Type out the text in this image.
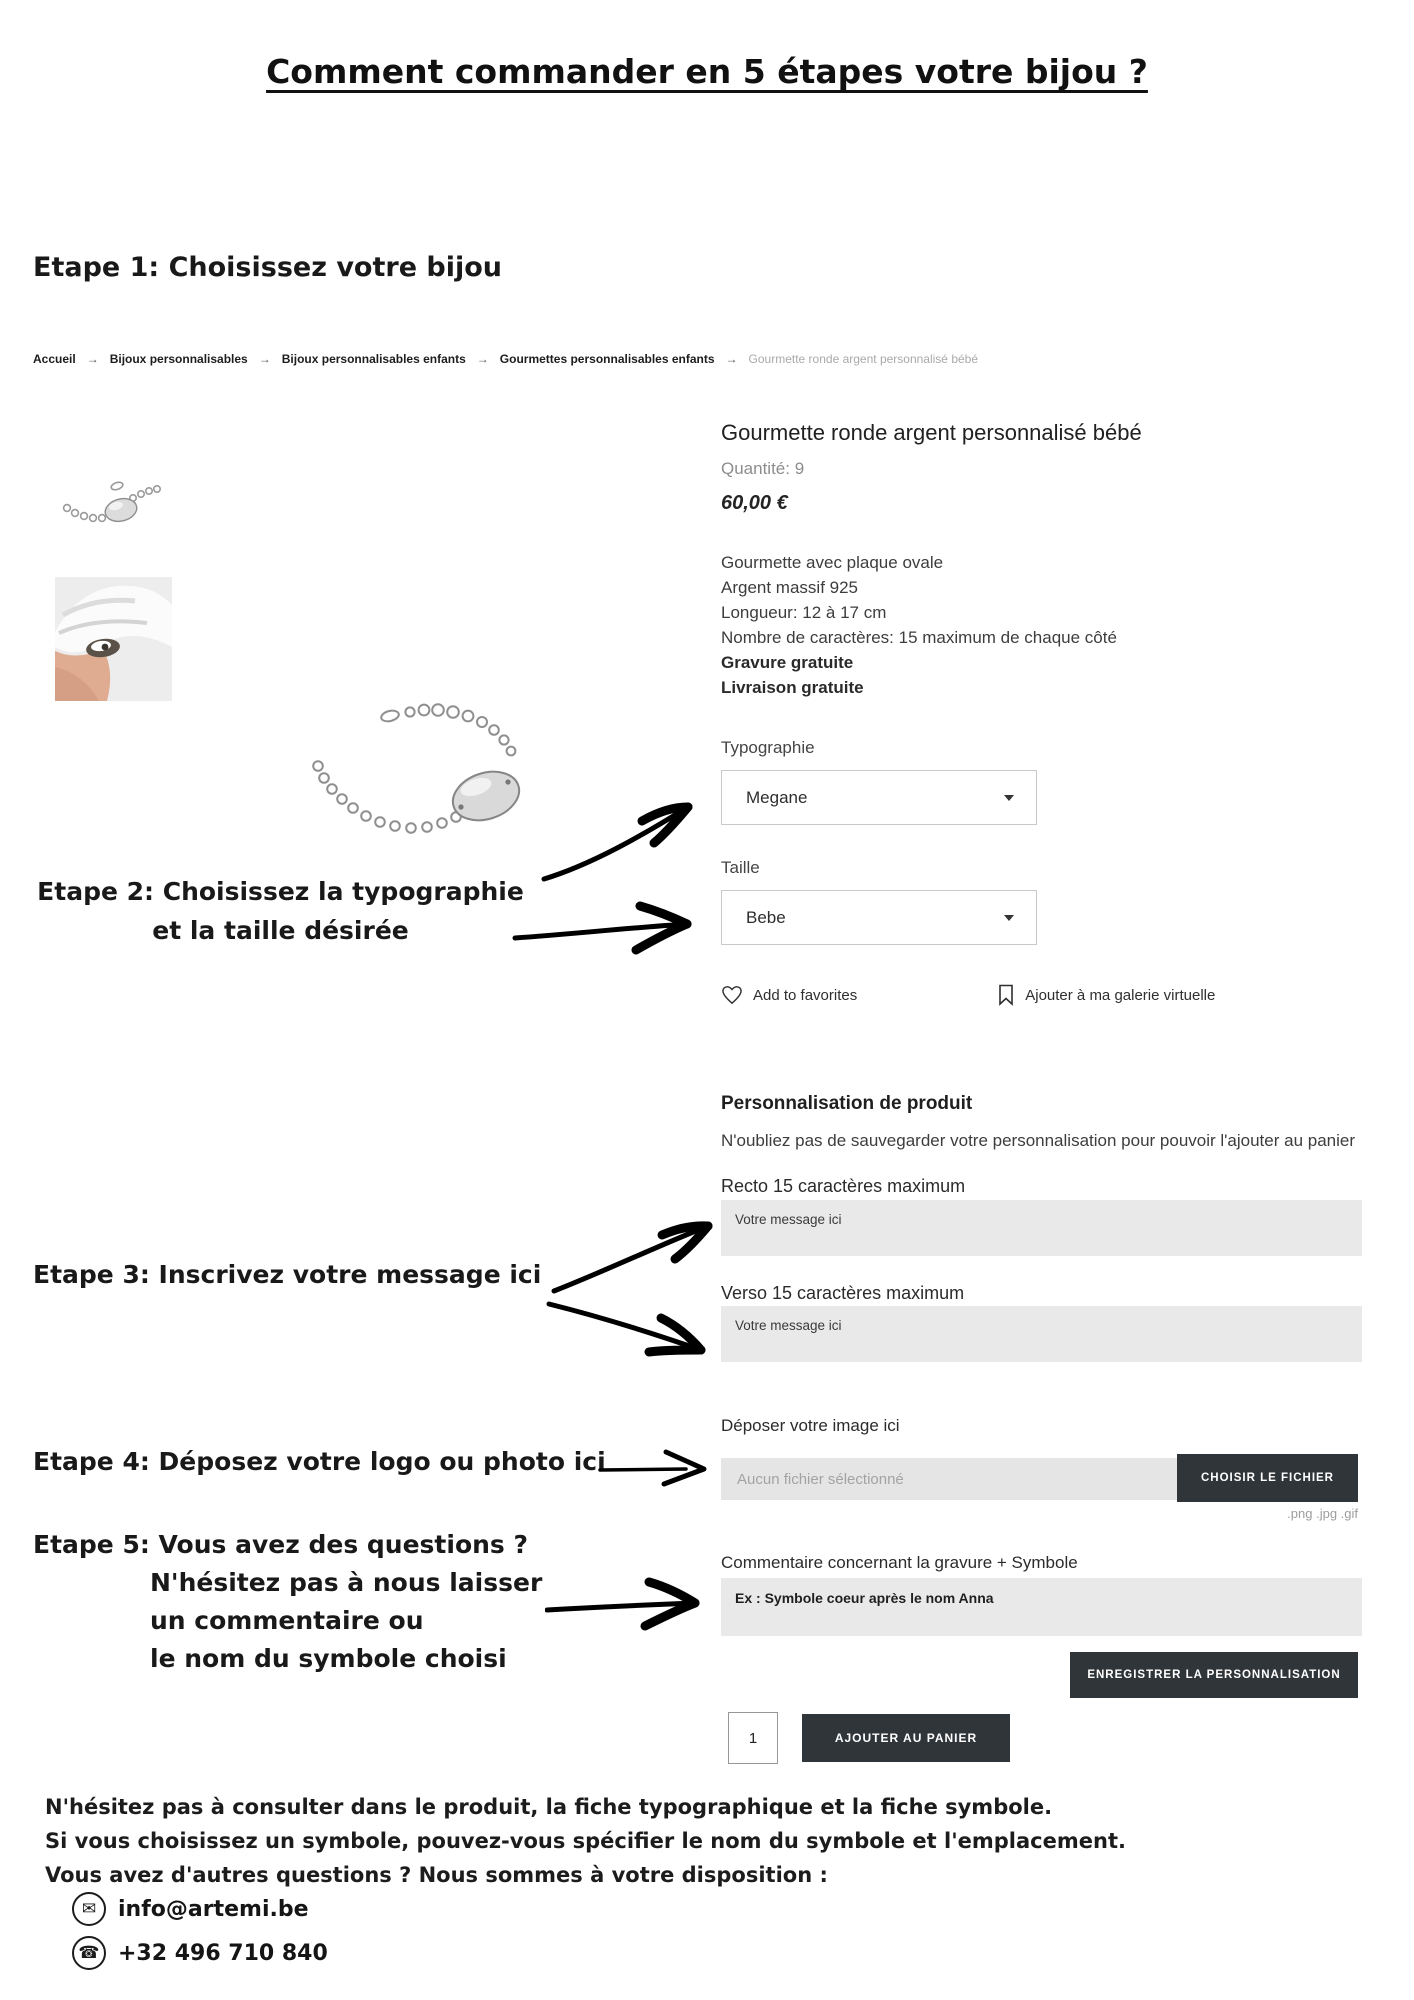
Comment commander en 5 étapes votre bijou ?
Etape 1: Choisissez votre bijou
Accueil → Bijoux personnalisables → Bijoux personnalisables enfants → Gourmettes personnalisables enfants → Gourmette ronde argent personnalisé bébé
Gourmette ronde argent personnalisé bébé
Quantité: 9
60,00 €
Gourmette avec plaque ovale
Argent massif 925
Longueur: 12 à 17 cm
Nombre de caractères: 15 maximum de chaque côté
Gravure gratuite
Livraison gratuite
Typographie
Megane
Taille
Bebe
Add to favorites	Ajouter à ma galerie virtuelle
Etape 2: Choisissez la typographie
et la taille désirée
Personnalisation de produit
N'oubliez pas de sauvegarder votre personnalisation pour pouvoir l'ajouter au panier
Recto 15 caractères maximum
Votre message ici
Verso 15 caractères maximum
Votre message ici
Etape 3: Inscrivez votre message ici
Déposer votre image ici
Aucun fichier sélectionné	CHOISIR LE FICHIER
.png .jpg .gif
Etape 4: Déposez votre logo ou photo ici
Commentaire concernant la gravure + Symbole
Ex : Symbole coeur après le nom Anna
Etape 5: Vous avez des questions ?
N'hésitez pas à nous laisser
un commentaire ou
le nom du symbole choisi
ENREGISTRER LA PERSONNALISATION
1
AJOUTER AU PANIER
N'hésitez pas à consulter dans le produit, la fiche typographique et la fiche symbole.
Si vous choisissez un symbole, pouvez-vous spécifier le nom du symbole et l'emplacement.
Vous avez d'autres questions ? Nous sommes à votre disposition :
✉ info@artemi.be
☎ +32 496 710 840
